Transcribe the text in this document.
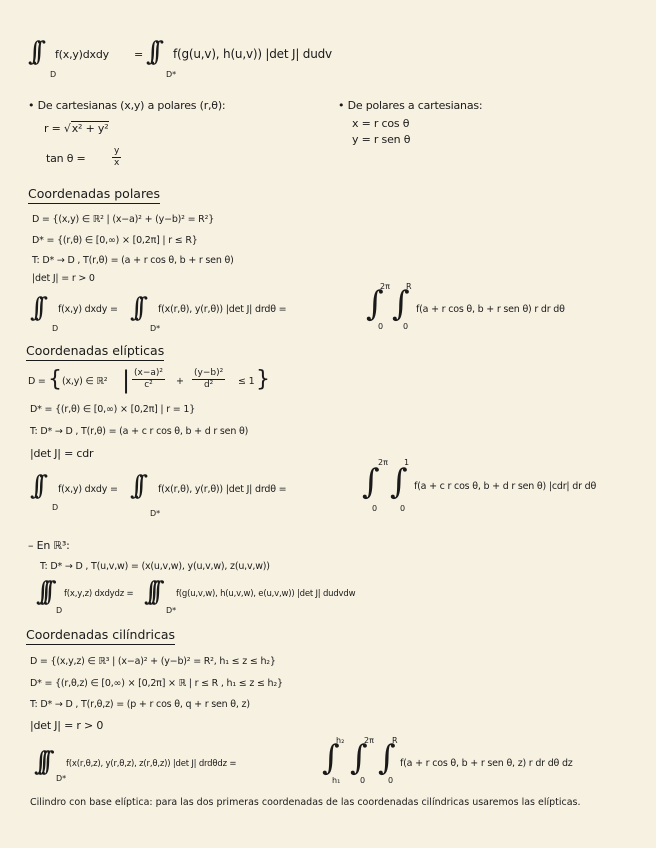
∫∫
D
f(x,y)dxdy = ∫∫
D*
f(g(u,v), h(u,v)) |det J| dudv
• De cartesianas (x,y) a polares (r,θ):
r = √x² + y²
tan θ =	$\frac{y}{x}$
• De polares a cartesianas:
x = r cos θ
y = r sen θ
Coordenadas polares
D = {(x,y) ∈ ℝ² | (x−a)² + (y−b)² = R²}
D* = {(r,θ) ∈ [0,∞) × [0,2π] | r ≤ R}
T: D* → D , T(r,θ) = (a + r cos θ, b + r sen θ)
|det J| = r > 0
∫∫
D
f(x,y) dxdy = ∫∫
D*
f(x(r,θ), y(r,θ)) |det J| drdθ = ∫ 2π
0
∫ R
0
f(a + r cos θ, b + r sen θ) r dr dθ
Coordenadas elípticas
D = { (x,y) ∈ ℝ² | $\frac{\text{(x−a)²}}{\text{c²}} + \frac{\text{(y−b)²}}{\text{d²}} \le 1$ }
D* = {(r,θ) ∈ [0,∞) × [0,2π] | r = 1}
T: D* → D , T(r,θ) = (a + c r cos θ, b + d r sen θ)
|det J| = cdr
∫∫
D
f(x,y) dxdy = ∫∫
D*
f(x(r,θ), y(r,θ)) |det J| drdθ = ∫ 2π
0
∫ 1
0
f(a + c r cos θ, b + d r sen θ) |cdr| dr dθ
– En ℝ³:
T: D* → D , T(u,v,w) = (x(u,v,w), y(u,v,w), z(u,v,w))
∫∫∫
D
f(x,y,z) dxdydz = ∫∫∫
D*
f(g(u,v,w), h(u,v,w), e(u,v,w)) |det J| dudvdw
Coordenadas cilíndricas
D = {(x,y,z) ∈ ℝ³ | (x−a)² + (y−b)² = R², h₁ ≤ z ≤ h₂}
D* = {(r,θ,z) ∈ [0,∞) × [0,2π] × ℝ | r ≤ R , h₁ ≤ z ≤ h₂}
T: D* → D , T(r,θ,z) = (p + r cos θ, q + r sen θ, z)
|det J| = r > 0
∫∫∫
D*
f(x(r,θ,z), y(r,θ,z), z(r,θ,z)) |det J| drdθdz =	∫ h₂
h₁
∫ 2π
0
∫ R
0
f(a + r cos θ, b + r sen θ, z) r dr dθ dz
Cilindro con base elíptica: para las dos primeras coordenadas de las coordenadas cilíndricas usaremos las elípticas.
